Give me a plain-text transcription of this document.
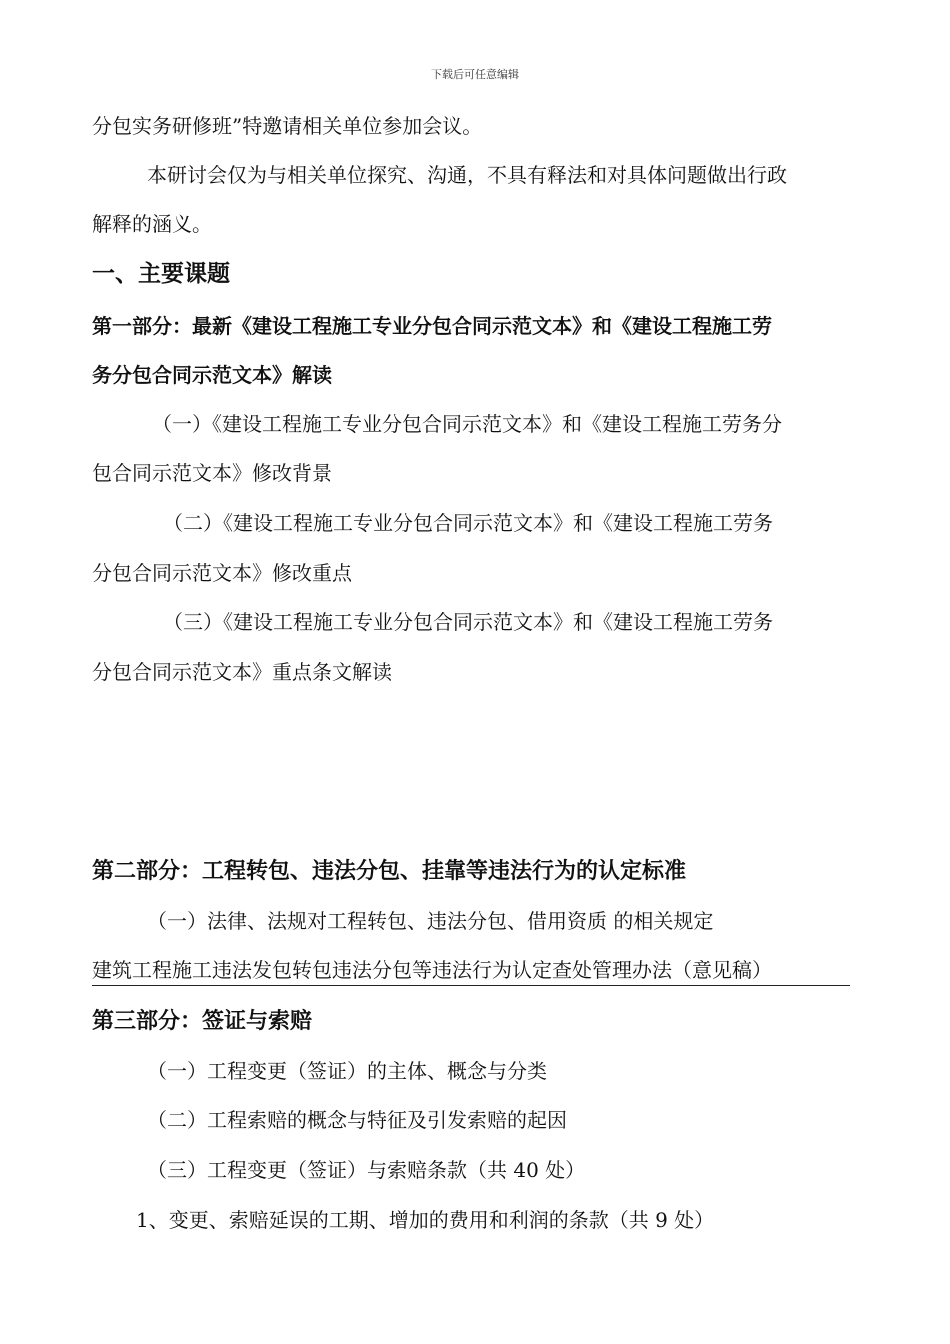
下载后可任意编辑
分包实务研修班”特邀请相关单位参加会议。
本研讨会仅为与相关单位探究、沟通，不具有释法和对具体问题做出行政
解释的涵义。
一、主要课题
第一部分：最新《建设工程施工专业分包合同示范文本》和《建设工程施工劳
务分包合同示范文本》解读
（一）《建设工程施工专业分包合同示范文本》和《建设工程施工劳务分
包合同示范文本》修改背景
（二）《建设工程施工专业分包合同示范文本》和《建设工程施工劳务
分包合同示范文本》修改重点
（三）《建设工程施工专业分包合同示范文本》和《建设工程施工劳务
分包合同示范文本》重点条文解读
第二部分：工程转包、违法分包、挂靠等违法行为的认定标准
（一）法律、法规对工程转包、违法分包、借用资质 的相关规定
建筑工程施工违法发包转包违法分包等违法行为认定查处管理办法（意见稿）
第三部分：签证与索赔
（一）工程变更（签证）的主体、概念与分类
（二）工程索赔的概念与特征及引发索赔的起因
（三）工程变更（签证）与索赔条款（共 40 处）
1、变更、索赔延误的工期、增加的费用和利润的条款（共 9 处）
